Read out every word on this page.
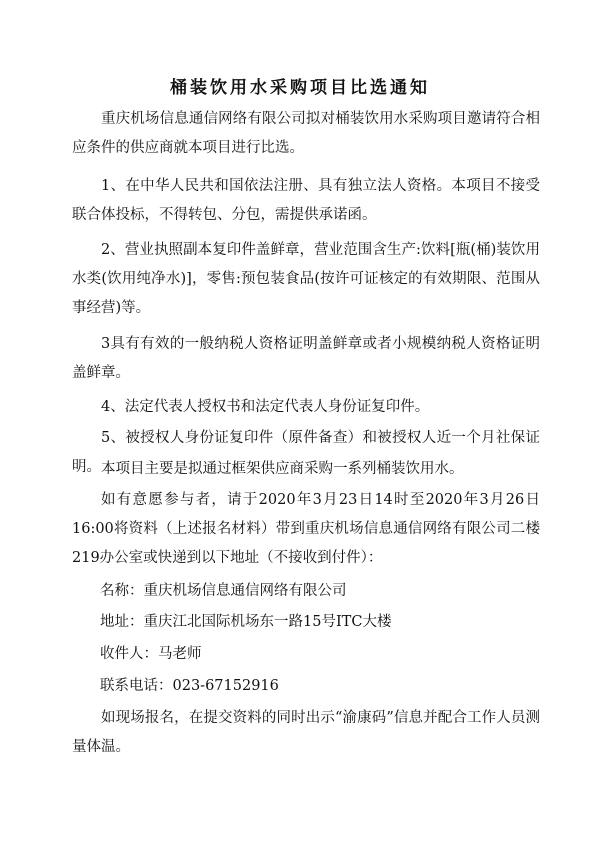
桶装饮用水采购项目比选通知

重庆机场信息通信网络有限公司拟对桶装饮用水采购项目邀请符合相应条件的供应商就本项目进行比选。

1、在中华人民共和国依法注册、具有独立法人资格。本项目不接受联合体投标，不得转包、分包，需提供承诺函。

2、营业执照副本复印件盖鲜章，营业范围含生产:饮料[瓶(桶)装饮用水类(饮用纯净水)]，零售:预包装食品(按许可证核定的有效期限、范围从事经营)等。

3具有有效的一般纳税人资格证明盖鲜章或者小规模纳税人资格证明盖鲜章。

4、法定代表人授权书和法定代表人身份证复印件。

5、被授权人身份证复印件（原件备查）和被授权人近一个月社保证明。 本项目主要是拟通过框架供应商采购一系列桶装饮用水。

如有意愿参与者，请于2020年3月23日14时至2020年3月26日16:00将资料（上述报名材料）带到重庆机场信息通信网络有限公司二楼219办公室或快递到以下地址（不接收到付件）：

名称：重庆机场信息通信网络有限公司

地址：重庆江北国际机场东一路15号ITC大楼

收件人：马老师

联系电话：023-67152916

如现场报名，在提交资料的同时出示“渝康码”信息并配合工作人员测量体温。
